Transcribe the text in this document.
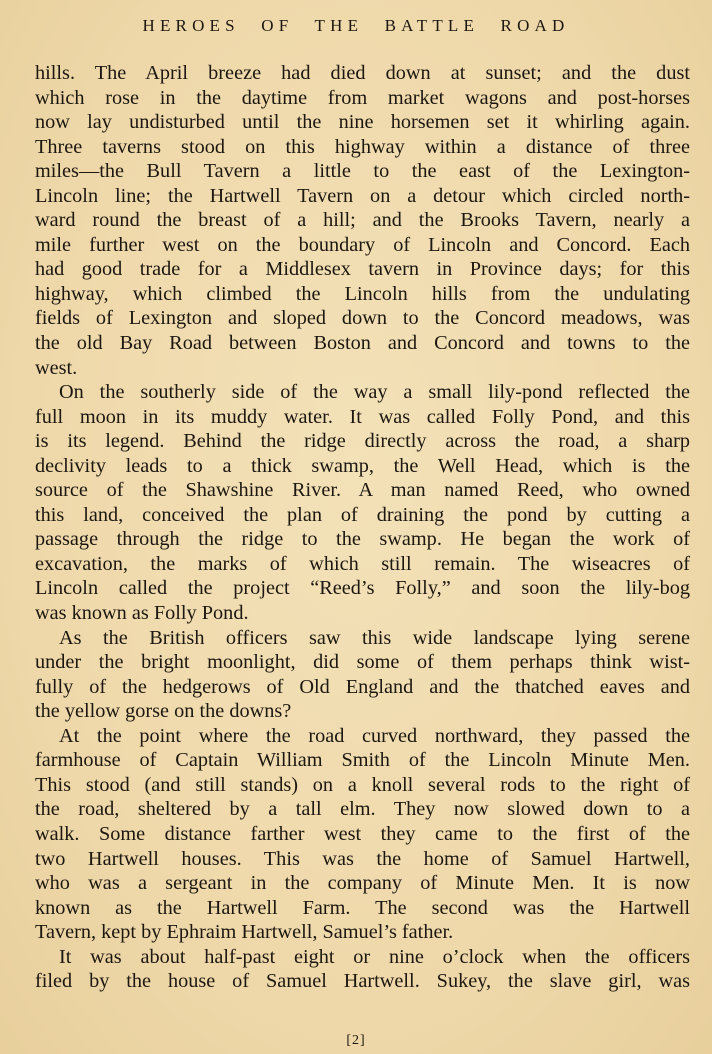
HEROES OF THE BATTLE ROAD
hills. The April breeze had died down at sunset; and the dust
which rose in the daytime from market wagons and post-horses
now lay undisturbed until the nine horsemen set it whirling again.
Three taverns stood on this highway within a distance of three
miles—the Bull Tavern a little to the east of the Lexington-
Lincoln line; the Hartwell Tavern on a detour which circled north-
ward round the breast of a hill; and the Brooks Tavern, nearly a
mile further west on the boundary of Lincoln and Concord. Each
had good trade for a Middlesex tavern in Province days; for this
highway, which climbed the Lincoln hills from the undulating
fields of Lexington and sloped down to the Concord meadows, was
the old Bay Road between Boston and Concord and towns to the
west.
On the southerly side of the way a small lily-pond reflected the
full moon in its muddy water. It was called Folly Pond, and this
is its legend. Behind the ridge directly across the road, a sharp
declivity leads to a thick swamp, the Well Head, which is the
source of the Shawshine River. A man named Reed, who owned
this land, conceived the plan of draining the pond by cutting a
passage through the ridge to the swamp. He began the work of
excavation, the marks of which still remain. The wiseacres of
Lincoln called the project “Reed’s Folly,” and soon the lily-bog
was known as Folly Pond.
As the British officers saw this wide landscape lying serene
under the bright moonlight, did some of them perhaps think wist-
fully of the hedgerows of Old England and the thatched eaves and
the yellow gorse on the downs?
At the point where the road curved northward, they passed the
farmhouse of Captain William Smith of the Lincoln Minute Men.
This stood (and still stands) on a knoll several rods to the right of
the road, sheltered by a tall elm. They now slowed down to a
walk. Some distance farther west they came to the first of the
two Hartwell houses. This was the home of Samuel Hartwell,
who was a sergeant in the company of Minute Men. It is now
known as the Hartwell Farm. The second was the Hartwell
Tavern, kept by Ephraim Hartwell, Samuel’s father.
It was about half-past eight or nine o’clock when the officers
filed by the house of Samuel Hartwell. Sukey, the slave girl, was
[2]
